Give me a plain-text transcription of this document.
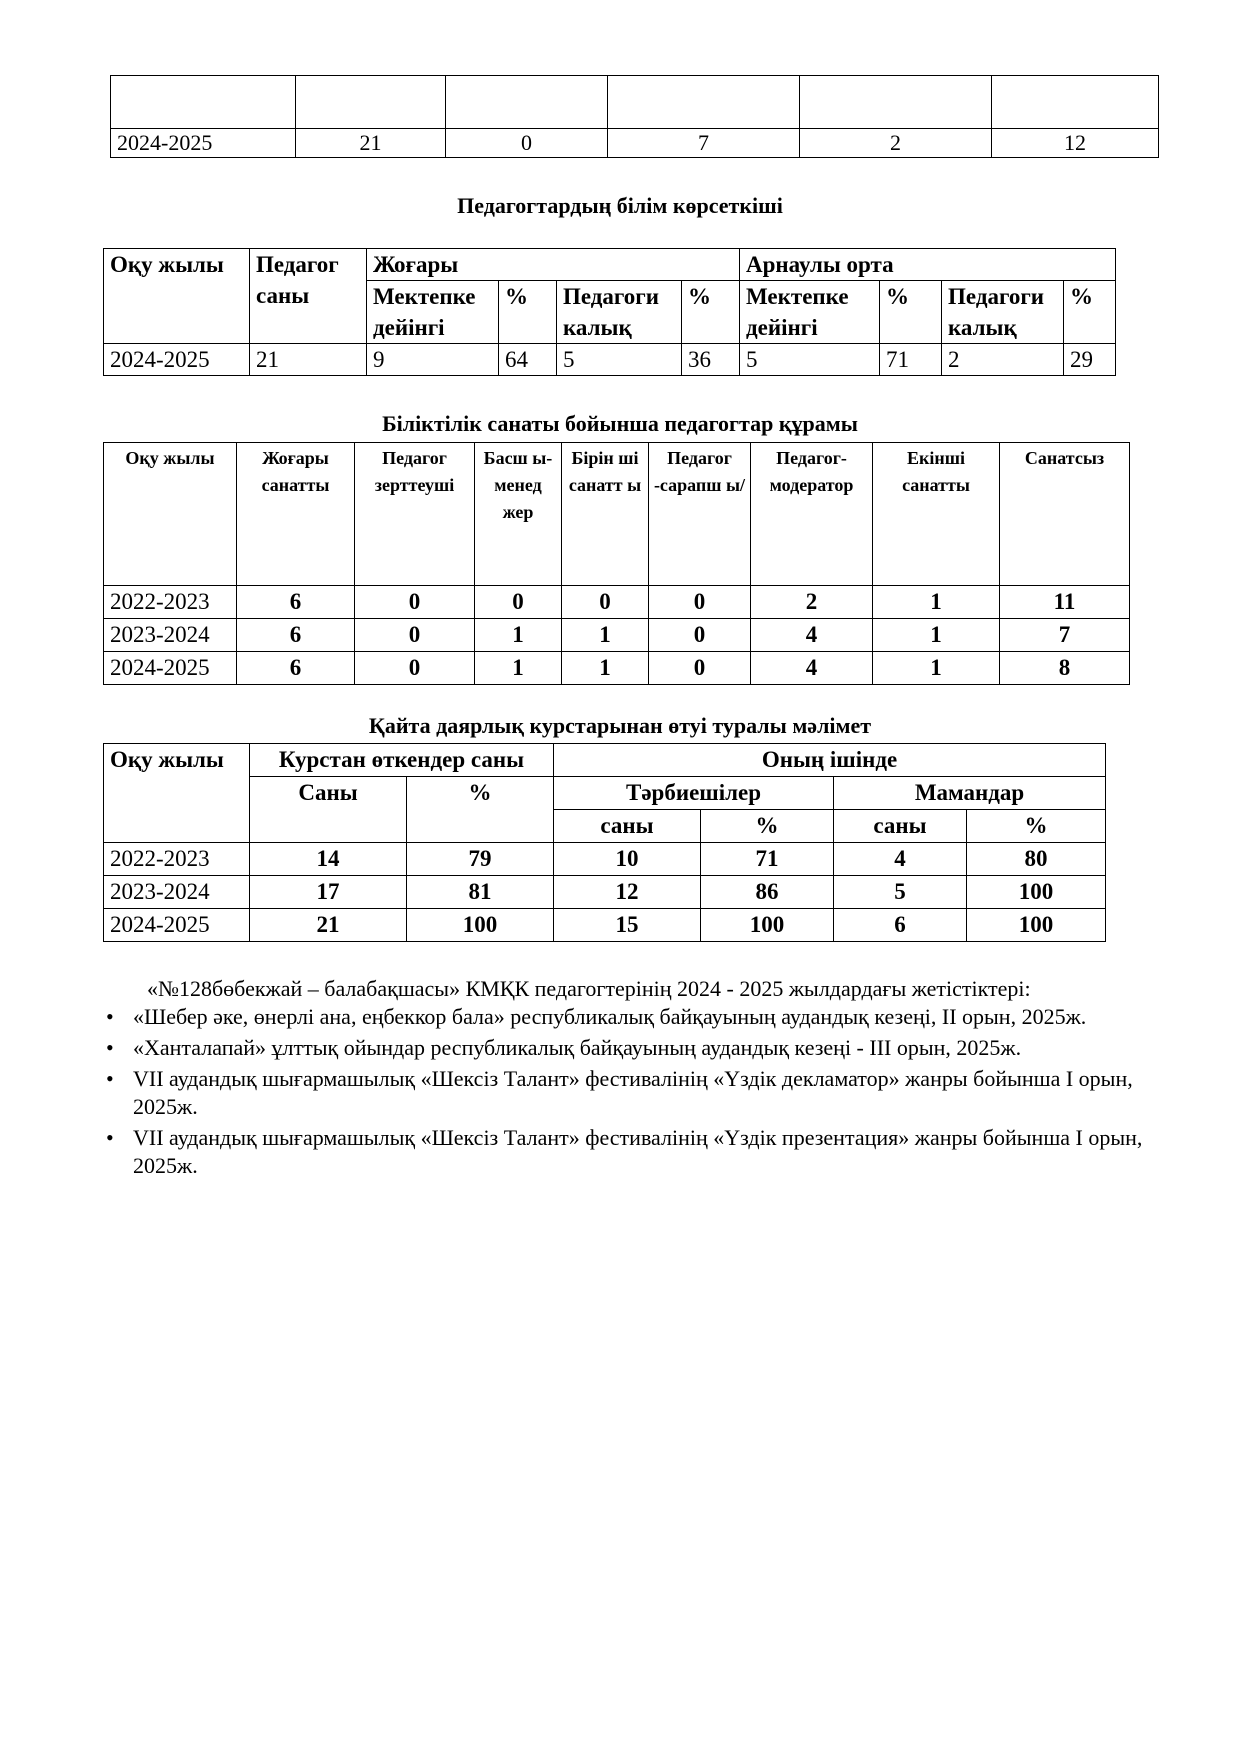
2024-2025	21	0	7	2	12
Педагогтардың білім көрсеткіші
Оқу жылы	Педагог саны	Жоғары				Арнаулы орта			
		Мектепке дейінгі	%	Педагоги калық	%	Мектепке дейінгі	%	Педагоги калық	%

2024-2025	21	9	64	5	36	5	71	2	29
Біліктілік санаты бойынша педагогтар құрамы
Оқу жылы	Жоғары санатты	Педагог зерттеуші	Басш ы-менед жер	Бірін ші санатт ы	Педагог -сарапш ы/	Педагог-модератор	Екінші санатты	Санатсыз
2022-2023	6	0	0	0	0	2	1	11
2023-2024	6	0	1	1	0	4	1	7
2024-2025	6	0	1	1	0	4	1	8
Қайта даярлық курстарынан өтуі туралы мәлімет
Оқу жылы	Курстан өткендер саны		Оның ішінде			
	Саны	%	Тәрбиешілер		Мамандар	
			саны	%	саны	%
2022-2023	14	79	10	71	4	80
2023-2024	17	81	12	86	5	100
2024-2025	21	100	15	100	6	100
«№128бөбекжай – балабақшасы» КМҚК педагогтерінің 2024 - 2025 жылдардағы жетістіктері:
• «Шебер әке, өнерлі ана, еңбеккор бала» республикалық байқауының аудандық кезеңі, ІІ орын, 2025ж.
• «Ханталапай» ұлттық ойындар республикалық байқауының аудандық кезеңі - ІІІ орын, 2025ж.
• VІІ аудандық шығармашылық «Шексіз Талант» фестивалінің «Үздік декламатор» жанры бойынша І орын, 2025ж.
• VІІ аудандық шығармашылық «Шексіз Талант» фестивалінің «Үздік презентация» жанры бойынша І орын, 2025ж.
